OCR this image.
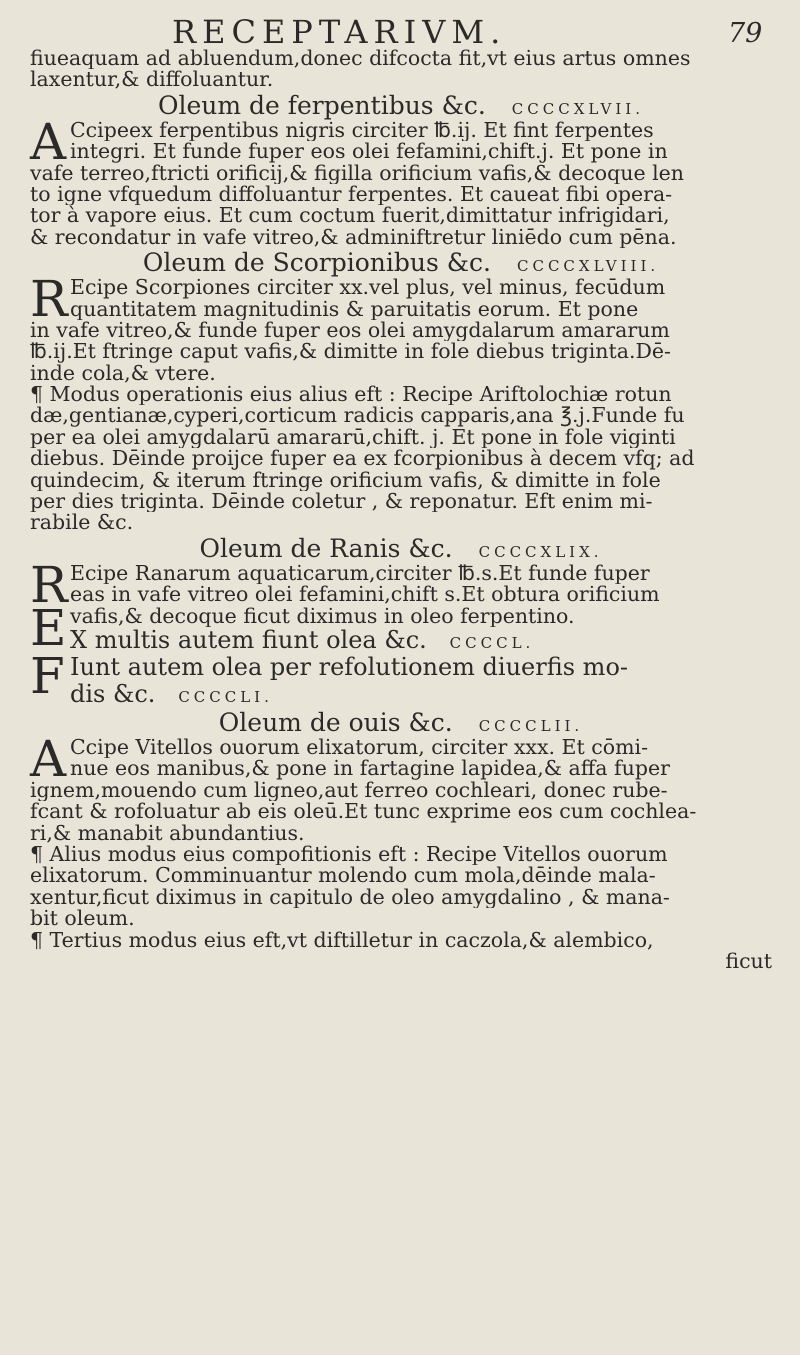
RECEPTARIVM.	79
fiueaquam ad abluendum,donec difcocta fit,vt eius artus omnes
laxentur,& diffoluantur.
Oleum de ferpentibus &c. CCCCXLVII.
A Ccipeex ferpentibus nigris circiter ℔.ij. Et fint ferpentes
integri. Et funde fuper eos olei fefamini,chift.j. Et pone in
vafe terreo,ftricti orificij,& figilla orificium vafis,& decoque len
to igne vfquedum diffoluantur ferpentes. Et caueat fibi opera-
tor à vapore eius. Et cum coctum fuerit,dimittatur infrigidari,
& recondatur in vafe vitreo,& adminiftretur liniēdo cum pēna.
Oleum de Scorpionibus &c. CCCCXLVIII.
R Ecipe Scorpiones circiter xx.vel plus, vel minus, fecūdum
quantitatem magnitudinis & paruitatis eorum. Et pone
in vafe vitreo,& funde fuper eos olei amygdalarum amararum
℔.ij.Et ftringe caput vafis,& dimitte in fole diebus triginta.Dē-
inde cola,& vtere.
¶ Modus operationis eius alius eft : Recipe Ariftolochiæ rotun
dæ,gentianæ,cyperi,corticum radicis capparis,ana ℥.j.Funde fu
per ea olei amygdalarū amararū,chift. j. Et pone in fole viginti
diebus. Dēinde proijce fuper ea ex fcorpionibus à decem vfq; ad
quindecim, & iterum ftringe orificium vafis, & dimitte in fole
per dies triginta. Dēinde coletur , & reponatur. Eft enim mi-
rabile &c.
Oleum de Ranis &c. CCCCXLIX.
R Ecipe Ranarum aquaticarum,circiter ℔.s.Et funde fuper
eas in vafe vitreo olei fefamini,chift s.Et obtura orificium
E vafis,& decoque ficut diximus in oleo ferpentino.
X multis autem fiunt olea &c. CCCCL.
F Iunt autem olea per refolutionem diuerfis mo-
dis &c. CCCCLI.
Oleum de ouis &c. CCCCLII.
A Ccipe Vitellos ouorum elixatorum, circiter xxx. Et cōmi-
nue eos manibus,& pone in fartagine lapidea,& affa fuper
ignem,mouendo cum ligneo,aut ferreo cochleari, donec rube-
fcant & rofoluatur ab eis oleū.Et tunc exprime eos cum cochlea-
ri,& manabit abundantius.
¶ Alius modus eius compofitionis eft : Recipe Vitellos ouorum
elixatorum. Comminuantur molendo cum mola,dēinde mala-
xentur,ficut diximus in capitulo de oleo amygdalino , & mana-
bit oleum.
¶ Tertius modus eius eft,vt diftilletur in caczola,& alembico,
ficut
